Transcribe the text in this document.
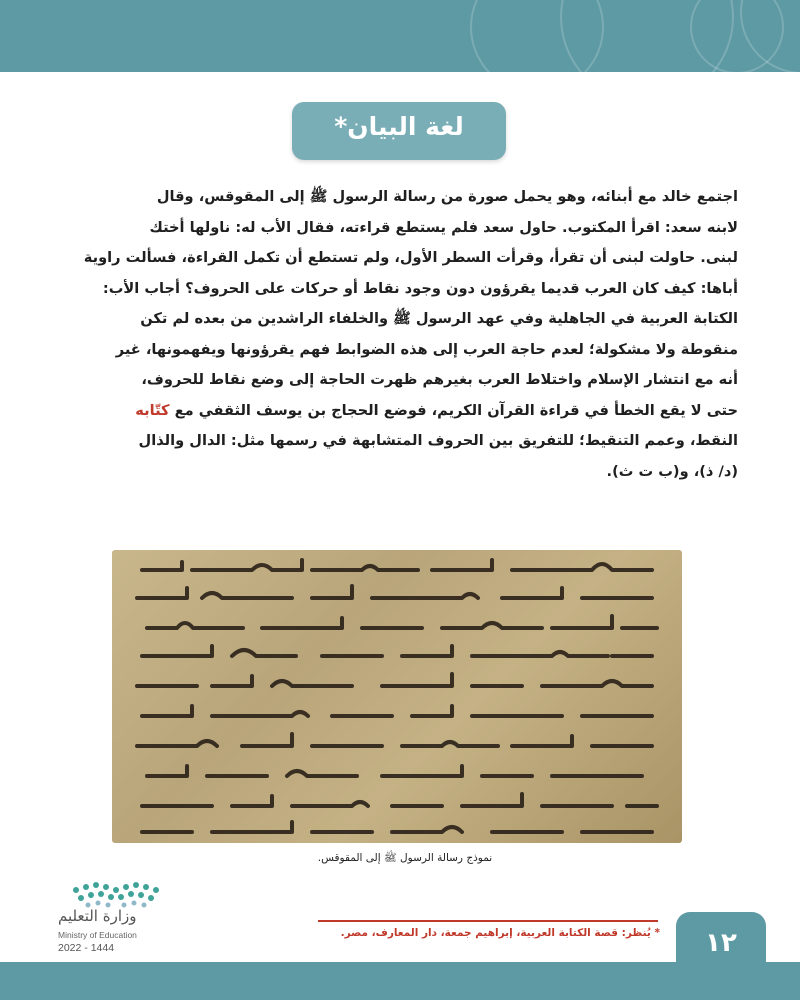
لغة البيان*
اجتمع خالد مع أبنائه، وهو يحمل صورة من رسالة الرسول ﷺ إلى المقوقس، وقال
لابنه سعد: اقرأ المكتوب. حاول سعد فلم يستطع قراءته، فقال الأب له: ناولها أختك
لبنى. حاولت لبنى أن تقرأ، وقرأت السطر الأول، ولم تستطع أن تكمل القراءة، فسألت راوية
أباها: كيف كان العرب قديما يقرؤون دون وجود نقاط أو حركات على الحروف؟ أجاب الأب:
الكتابة العربية في الجاهلية وفي عهد الرسول ﷺ والخلفاء الراشدين من بعده لم تكن
منقوطة ولا مشكولة؛ لعدم حاجة العرب إلى هذه الضوابط فهم يقرؤونها ويفهمونها، غير
أنه مع انتشار الإسلام واختلاط العرب بغيرهم ظهرت الحاجة إلى وضع نقاط للحروف،
حتى لا يقع الخطأ في قراءة القرآن الكريم، فوضع الحجاج بن يوسف الثقفي مع كتّابه
النقط، وعمم التنقيط؛ للتفريق بين الحروف المتشابهة في رسمها مثل: الدال والذال
(د/ ذ)، و(ب ت ث).
نموذج رسالة الرسول ﷺ إلى المقوقس.
وزارة التعليم
Ministry of Education
2022 - 1444
* يُنظر: قصة الكتابة العربية، إبراهيم جمعة، دار المعارف، مصر.	١٢
